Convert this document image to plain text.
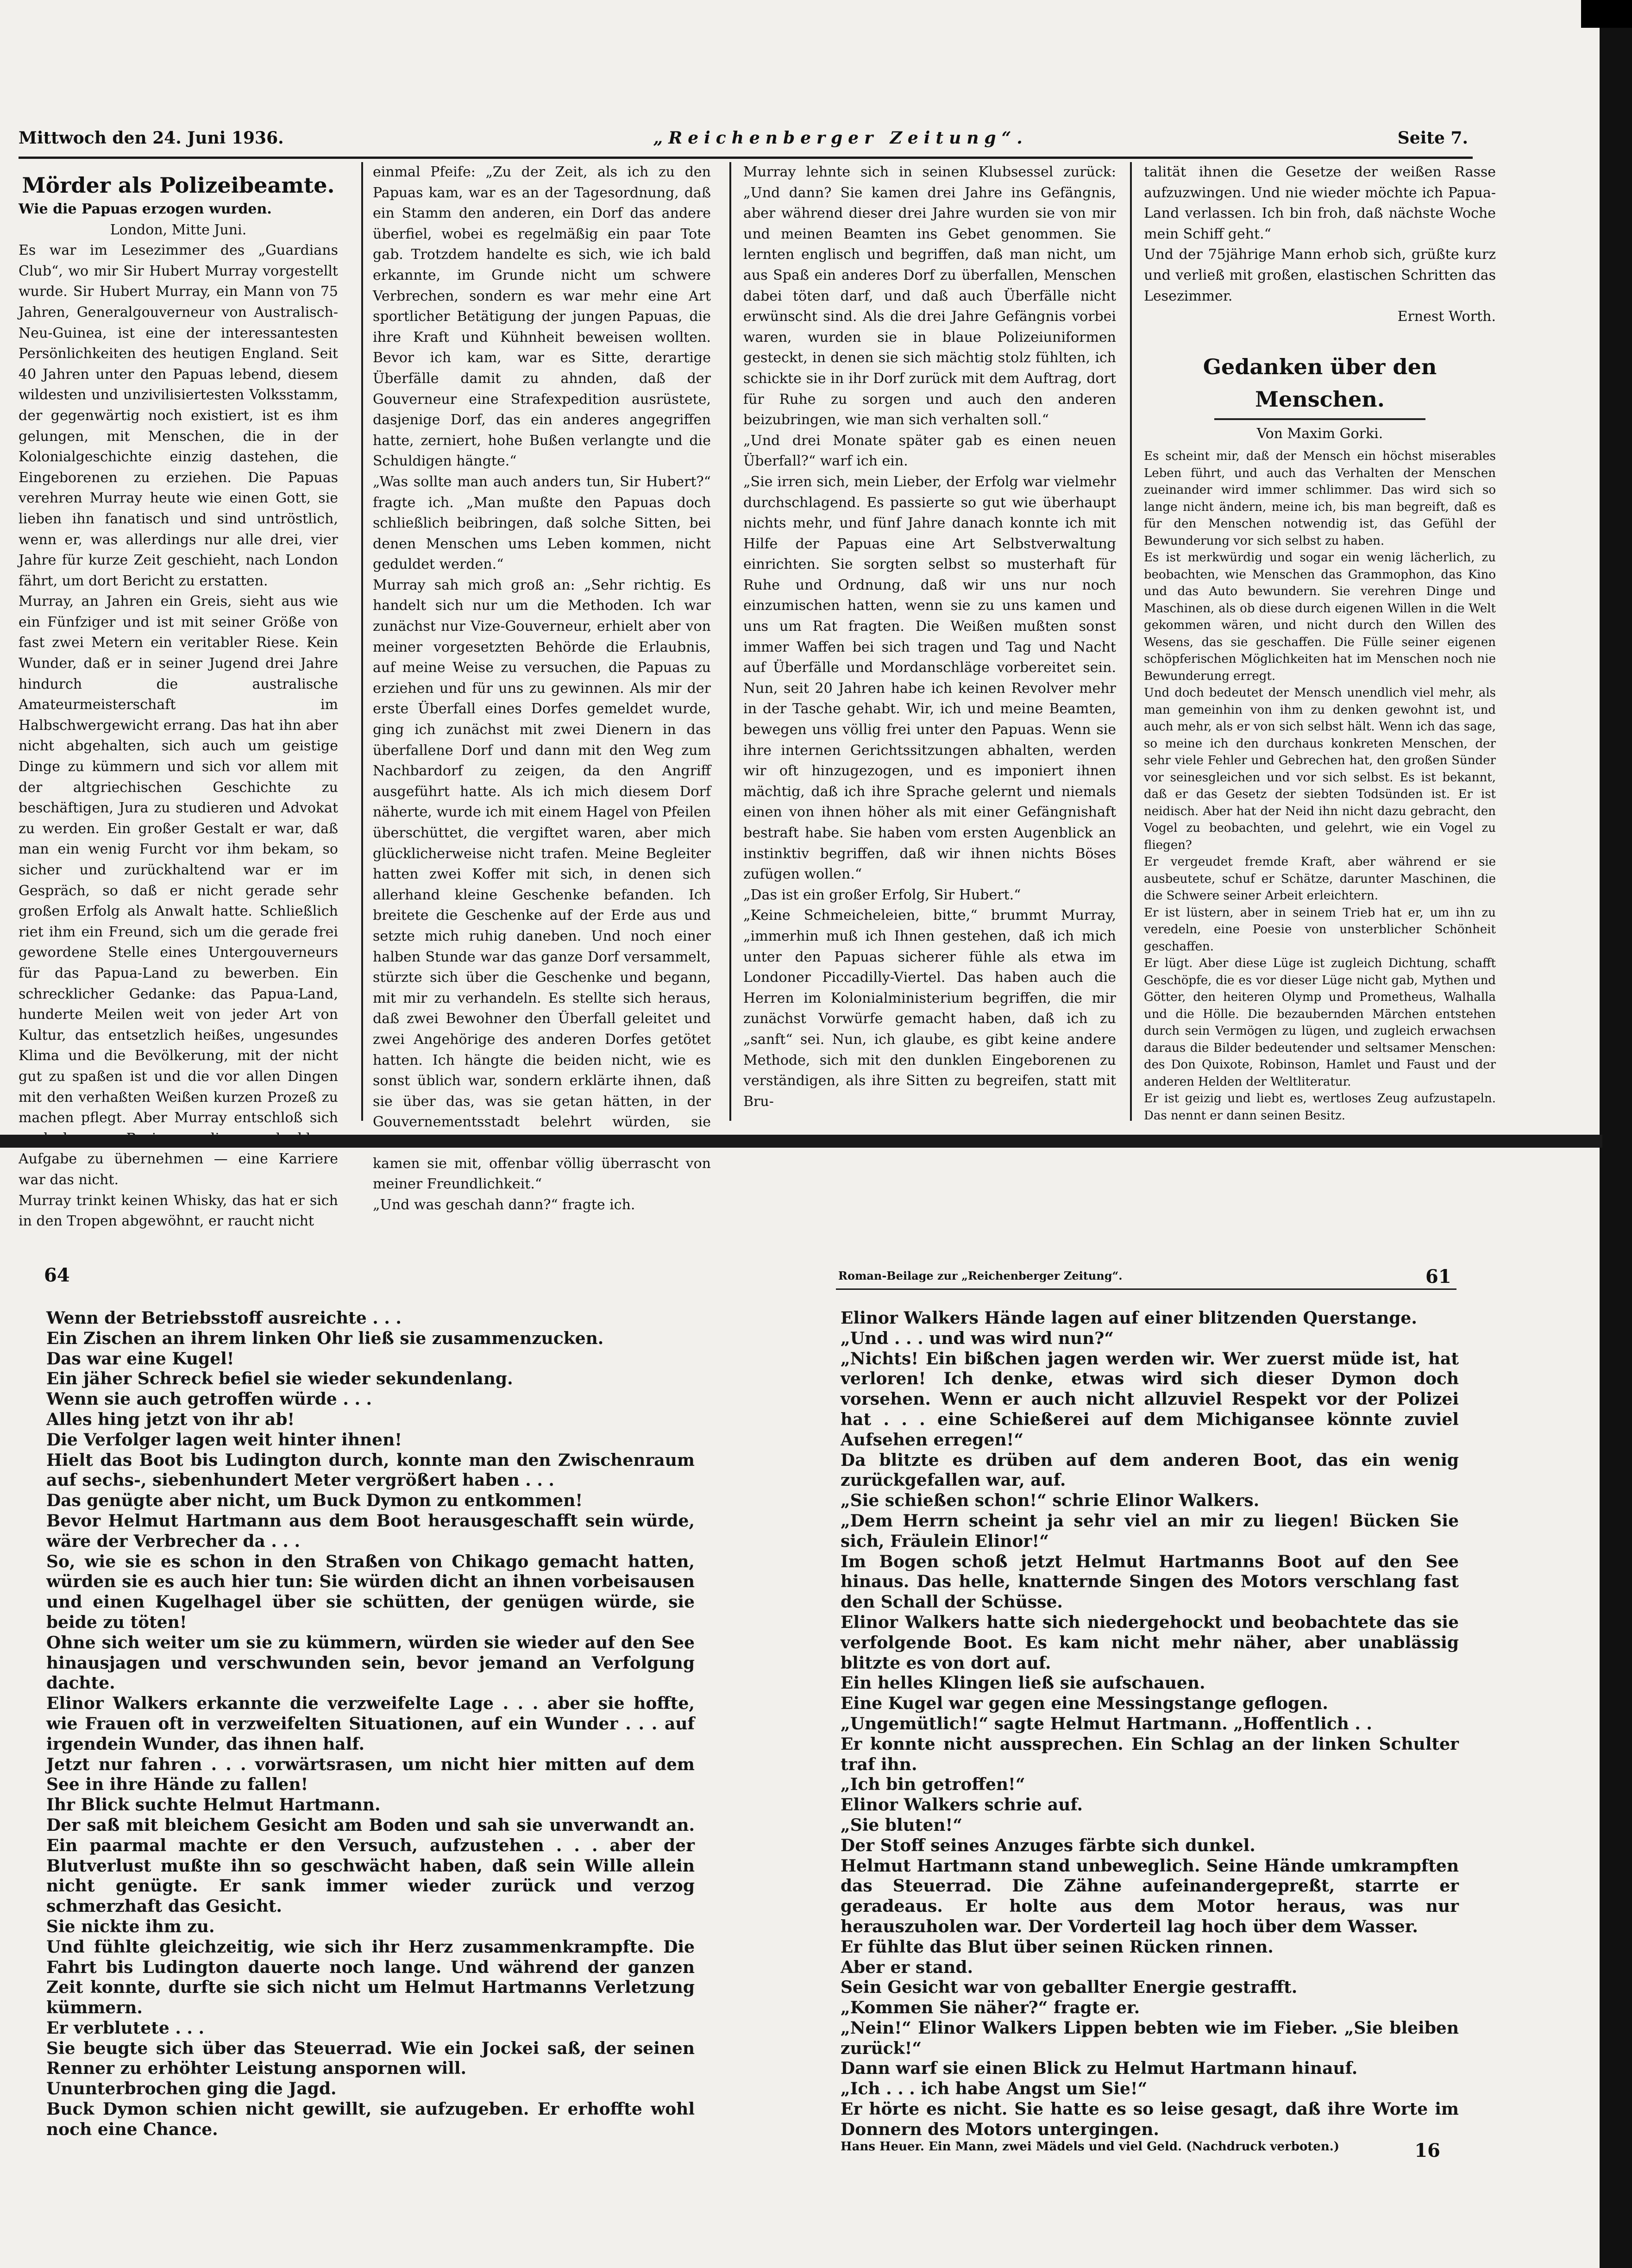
Mittwoch den 24. Juni 1936.	„Reichenberger Zeitung“.	Seite 7.

Mörder als Polizeibeamte.

Wie die Papuas erzogen wurden.

London, Mitte Juni.

Es war im Lesezimmer des „Guardians Club“, wo mir Sir Hubert Murray vorgestellt wurde. Sir Hubert Murray, ein Mann von 75 Jahren, Generalgouverneur von Australisch-Neu-Guinea, ist eine der interessantesten Persönlichkeiten des heutigen England. Seit 40 Jahren unter den Papuas lebend, diesem wildesten und unzivilisiertesten Volksstamm, der gegenwärtig noch existiert, ist es ihm gelungen, mit Menschen, die in der Kolonialgeschichte einzig dastehen, die Eingeborenen zu erziehen. Die Papuas verehren Murray heute wie einen Gott, sie lieben ihn fanatisch und sind untröstlich, wenn er, was allerdings nur alle drei, vier Jahre für kurze Zeit geschieht, nach London fährt, um dort Bericht zu erstatten.

Murray, an Jahren ein Greis, sieht aus wie ein Fünfziger und ist mit seiner Größe von fast zwei Metern ein veritabler Riese. Kein Wunder, daß er in seiner Jugend drei Jahre hindurch die australische Amateurmeisterschaft im Halbschwergewicht errang. Das hat ihn aber nicht abgehalten, sich auch um geistige Dinge zu kümmern und sich vor allem mit der altgriechischen Geschichte zu beschäftigen, Jura zu studieren und Advokat zu werden. Ein großer Gestalt er war, daß man ein wenig Furcht vor ihm bekam, so sicher und zurückhaltend war er im Gespräch, so daß er nicht gerade sehr großen Erfolg als Anwalt hatte. Schließlich riet ihm ein Freund, sich um die gerade frei gewordene Stelle eines Untergouverneurs für das Papua-Land zu bewerben. Ein schrecklicher Gedanke: das Papua-Land, hunderte Meilen weit von jeder Art von Kultur, das entsetzlich heißes, ungesundes Klima und die Bevölkerung, mit der nicht gut zu spaßen ist und die vor allen Dingen mit den verhaßten Weißen kurzen Prozeß zu machen pflegt. Aber Murray entschloß sich Aufgabe zu übernehmen — eine Karriere war das nicht.

Murray trinkt keinen Whisky, das hat er sich in den Tropen abgewöhnt, er raucht nicht

einmal Pfeife: „Zu der Zeit, als ich zu den Papuas kam, war es an der Tagesordnung, daß ein Stamm den anderen, ein Dorf das andere überfiel, wobei es regelmäßig ein paar Tote gab. Trotzdem handelte es sich, wie ich bald erkannte, im Grunde nicht um schwere Verbrechen, sondern es war mehr eine Art sportlicher Betätigung der jungen Papuas, die ihre Kraft und Kühnheit beweisen wollten. Bevor ich kam, war es Sitte, derartige Überfälle damit zu ahnden, daß der Gouverneur eine Strafexpedition ausrüstete, dasjenige Dorf, das ein anderes angegriffen hatte, zerniert, hohe Bußen verlangte und die Schuldigen hängte.“

„Was sollte man auch anders tun, Sir Hubert?“ fragte ich. „Man mußte den Papuas doch schließlich beibringen, daß solche Sitten, bei denen Menschen ums Leben kommen, nicht geduldet werden.“

Murray sah mich groß an: „Sehr richtig. Es handelt sich nur um die Methoden. Ich war zunächst nur Vize-Gouverneur, erhielt aber von meiner vorgesetzten Behörde die Erlaubnis, auf meine Weise zu versuchen, die Papuas zu erziehen und für uns zu gewinnen. Als mir der erste Überfall eines Dorfes gemeldet wurde, ging ich zunächst mit zwei Dienern in das überfallene Dorf und dann mit den Weg zum Nachbardorf zu zeigen, da den Angriff ausgeführt hatte. Als ich mich diesem Dorf näherte, wurde ich mit einem Hagel von Pfeilen überschüttet, die vergiftet waren, aber mich glücklicherweise nicht trafen. Meine Begleiter hatten zwei Koffer mit sich, in denen sich allerhand kleine Geschenke befanden. Ich breitete die Geschenke auf der Erde aus und setzte mich ruhig daneben. Und noch einer halben Stunde war das ganze Dorf versammelt, stürzte sich über die Geschenke und begann, mit mir zu verhandeln. Es stellte sich heraus, daß zwei Bewohner den Überfall geleitet und zwei Angehörige des anderen Dorfes getötet hatten. Ich hängte die beiden nicht, wie es sonst üblich war, sondern erklärte ihnen, daß sie über das, was sie getan hätten, in der Gouvernementsstadt belehrt würden, sie kamen sie mit, offenbar völlig überrascht von meiner Freundlichkeit.“

„Und was geschah dann?“ fragte ich.

Murray lehnte sich in seinen Klubsessel zurück: „Und dann? Sie kamen drei Jahre ins Gefängnis, aber während dieser drei Jahre wurden sie von mir und meinen Beamten ins Gebet genommen. Sie lernten englisch und begriffen, daß man nicht, um aus Spaß ein anderes Dorf zu überfallen, Menschen dabei töten darf, und daß auch Überfälle nicht erwünscht sind. Als die drei Jahre Gefängnis vorbei waren, wurden sie in blaue Polizeiuniformen gesteckt, in denen sie sich mächtig stolz fühlten, ich schickte sie in ihr Dorf zurück mit dem Auftrag, dort für Ruhe zu sorgen und auch den anderen beizubringen, wie man sich verhalten soll.“

„Und drei Monate später gab es einen neuen Überfall?“ warf ich ein.

„Sie irren sich, mein Lieber, der Erfolg war vielmehr durchschlagend. Es passierte so gut wie überhaupt nichts mehr, und fünf Jahre danach konnte ich mit Hilfe der Papuas eine Art Selbstverwaltung einrichten. Sie sorgten selbst so musterhaft für Ruhe und Ordnung, daß wir uns nur noch einzumischen hatten, wenn sie zu uns kamen und uns um Rat fragten. Die Weißen mußten sonst immer Waffen bei sich tragen und Tag und Nacht auf Überfälle und Mordanschläge vorbereitet sein. Nun, seit 20 Jahren habe ich keinen Revolver mehr in der Tasche gehabt. Wir, ich und meine Beamten, bewegen uns völlig frei unter den Papuas. Wenn sie ihre internen Gerichtssitzungen abhalten, werden wir oft hinzugezogen, und es imponiert ihnen mächtig, daß ich ihre Sprache gelernt und niemals einen von ihnen höher als mit einer Gefängnishaft bestraft habe. Sie haben vom ersten Augenblick an instinktiv begriffen, daß wir ihnen nichts Böses zufügen wollen.“

„Das ist ein großer Erfolg, Sir Hubert.“

„Keine Schmeicheleien, bitte,“ brummt Murray, „immerhin muß ich Ihnen gestehen, daß ich mich unter den Papuas sicherer fühle als etwa im Londoner Piccadilly-Viertel. Das haben auch die Herren im Kolonialministerium begriffen, die mir zunächst Vorwürfe gemacht haben, daß ich zu „sanft“ sei. Nun, ich glaube, es gibt keine andere Methode, sich mit den dunklen Eingeborenen zu verständigen, als ihre Sitten zu begreifen, statt mit Bru-

talität ihnen die Gesetze der weißen Rasse aufzuzwingen. Und nie wieder möchte ich Papua-Land verlassen. Ich bin froh, daß nächste Woche mein Schiff geht.“

Und der 75jährige Mann erhob sich, grüßte kurz und verließ mit großen, elastischen Schritten das Lesezimmer.

Ernest Worth.

Gedanken über den Menschen.

Von Maxim Gorki.

Es scheint mir, daß der Mensch ein höchst miserables Leben führt, und auch das Verhalten der Menschen zueinander wird immer schlimmer. Das wird sich so lange nicht ändern, meine ich, bis man begreift, daß es für den Menschen notwendig ist, das Gefühl der Bewunderung vor sich selbst zu haben.

Es ist merkwürdig und sogar ein wenig lächerlich, zu beobachten, wie Menschen das Grammophon, das Kino und das Auto bewundern. Sie verehren Dinge und Maschinen, als ob diese durch eigenen Willen in die Welt gekommen wären, und nicht durch den Willen des Wesens, das sie geschaffen. Die Fülle seiner eigenen schöpferischen Möglichkeiten hat im Menschen noch nie Bewunderung erregt.

Und doch bedeutet der Mensch unendlich viel mehr, als man gemeinhin von ihm zu denken gewohnt ist, und auch mehr, als er von sich selbst hält. Wenn ich das sage, so meine ich den durchaus konkreten Menschen, der sehr viele Fehler und Gebrechen hat, den großen Sünder vor seinesgleichen und vor sich selbst. Es ist bekannt, daß er das Gesetz der siebten Todsünden ist. Er ist neidisch. Aber hat der Neid ihn nicht dazu gebracht, den Vogel zu beobachten, und gelehrt, wie ein Vogel zu fliegen?

Er vergeudet fremde Kraft, aber während er sie ausbeutete, schuf er Schätze, darunter Maschinen, die die Schwere seiner Arbeit erleichtern.

Er ist lüstern, aber in seinem Trieb hat er, um ihn zu veredeln, eine Poesie von unsterblicher Schönheit geschaffen.

Er lügt. Aber diese Lüge ist zugleich Dichtung, schafft Geschöpfe, die es vor dieser Lüge nicht gab, Mythen und Götter, den heiteren Olymp und Prometheus, Walhalla und die Hölle. Die bezaubernden Märchen entstehen durch sein Vermögen zu lügen, und zugleich erwachsen daraus die Bilder bedeutender und seltsamer Menschen: des Don Quixote, Robinson, Hamlet und Faust und der anderen Helden der Weltliteratur.

Er ist geizig und liebt es, wertloses Zeug aufzustapeln. Das nennt er dann seinen Besitz.

64	Roman-Beilage zur „Reichenberger Zeitung“.	61

Wenn der Betriebsstoff ausreichte . . .

Ein Zischen an ihrem linken Ohr ließ sie zusammenzucken.

Das war eine Kugel!

Ein jäher Schreck befiel sie wieder sekundenlang.

Wenn sie auch getroffen würde . . .

Alles hing jetzt von ihr ab!

Die Verfolger lagen weit hinter ihnen!

Hielt das Boot bis Ludington durch, konnte man den Zwischenraum auf sechs-, siebenhundert Meter vergrößert haben . . .

Das genügte aber nicht, um Buck Dymon zu entkommen!

Bevor Helmut Hartmann aus dem Boot herausgeschafft sein würde, wäre der Verbrecher da . . .

So, wie sie es schon in den Straßen von Chikago gemacht hatten, würden sie es auch hier tun: Sie würden dicht an ihnen vorbeisausen und einen Kugelhagel über sie schütten, der genügen würde, sie beide zu töten!

Ohne sich weiter um sie zu kümmern, würden sie wieder auf den See hinausjagen und verschwunden sein, bevor jemand an Verfolgung dachte.

Elinor Walkers erkannte die verzweifelte Lage . . . aber sie hoffte, wie Frauen oft in verzweifelten Situationen, auf ein Wunder . . . auf irgendein Wunder, das ihnen half.

Jetzt nur fahren . . . vorwärtsrasen, um nicht hier mitten auf dem See in ihre Hände zu fallen!

Ihr Blick suchte Helmut Hartmann.

Der saß mit bleichem Gesicht am Boden und sah sie unverwandt an. Ein paarmal machte er den Versuch, aufzustehen . . . aber der Blutverlust mußte ihn so geschwächt haben, daß sein Wille allein nicht genügte. Er sank immer wieder zurück und verzog schmerzhaft das Gesicht.

Sie nickte ihm zu.

Und fühlte gleichzeitig, wie sich ihr Herz zusammenkrampfte. Die Fahrt bis Ludington dauerte noch lange. Und während der ganzen Zeit konnte, durfte sie sich nicht um Helmut Hartmanns Verletzung kümmern.

Er verblutete . . .

Sie beugte sich über das Steuerrad. Wie ein Jockei saß, der seinen Renner zu erhöhter Leistung anspornen will.

Ununterbrochen ging die Jagd.

Buck Dymon schien nicht gewillt, sie aufzugeben. Er erhoffte wohl noch eine Chance.

Elinor Walkers Hände lagen auf einer blitzenden Querstange.

„Und . . . und was wird nun?“

„Nichts! Ein bißchen jagen werden wir. Wer zuerst müde ist, hat verloren! Ich denke, etwas wird sich dieser Dymon doch vorsehen. Wenn er auch nicht allzuviel Respekt vor der Polizei hat . . . eine Schießerei auf dem Michigansee könnte zuviel Aufsehen erregen!“

Da blitzte es drüben auf dem anderen Boot, das ein wenig zurückgefallen war, auf.

„Sie schießen schon!“ schrie Elinor Walkers.

„Dem Herrn scheint ja sehr viel an mir zu liegen! Bücken Sie sich, Fräulein Elinor!“

Im Bogen schoß jetzt Helmut Hartmanns Boot auf den See hinaus. Das helle, knatternde Singen des Motors verschlang fast den Schall der Schüsse.

Elinor Walkers hatte sich niedergehockt und beobachtete das sie verfolgende Boot. Es kam nicht mehr näher, aber unablässig blitzte es von dort auf.

Ein helles Klingen ließ sie aufschauen.

Eine Kugel war gegen eine Messingstange geflogen.

„Ungemütlich!“ sagte Helmut Hartmann. „Hoffentlich . .

Er konnte nicht aussprechen. Ein Schlag an der linken Schulter traf ihn.

„Ich bin getroffen!“

Elinor Walkers schrie auf.

„Sie bluten!“

Der Stoff seines Anzuges färbte sich dunkel.

Helmut Hartmann stand unbeweglich. Seine Hände umkrampften das Steuerrad. Die Zähne aufeinandergepreßt, starrte er geradeaus. Er holte aus dem Motor heraus, was nur herauszuholen war. Der Vorderteil lag hoch über dem Wasser.

Er fühlte das Blut über seinen Rücken rinnen.

Aber er stand.

Sein Gesicht war von geballter Energie gestrafft.

„Kommen Sie näher?“ fragte er.

„Nein!“ Elinor Walkers Lippen bebten wie im Fieber. „Sie bleiben zurück!“

Dann warf sie einen Blick zu Helmut Hartmann hinauf.

„Ich . . . ich habe Angst um Sie!“

Er hörte es nicht. Sie hatte es so leise gesagt, daß ihre Worte im Donnern des Motors untergingen.

Hans Heuer. Ein Mann, zwei Mädels und viel Geld. (Nachdruck verboten.)	16
